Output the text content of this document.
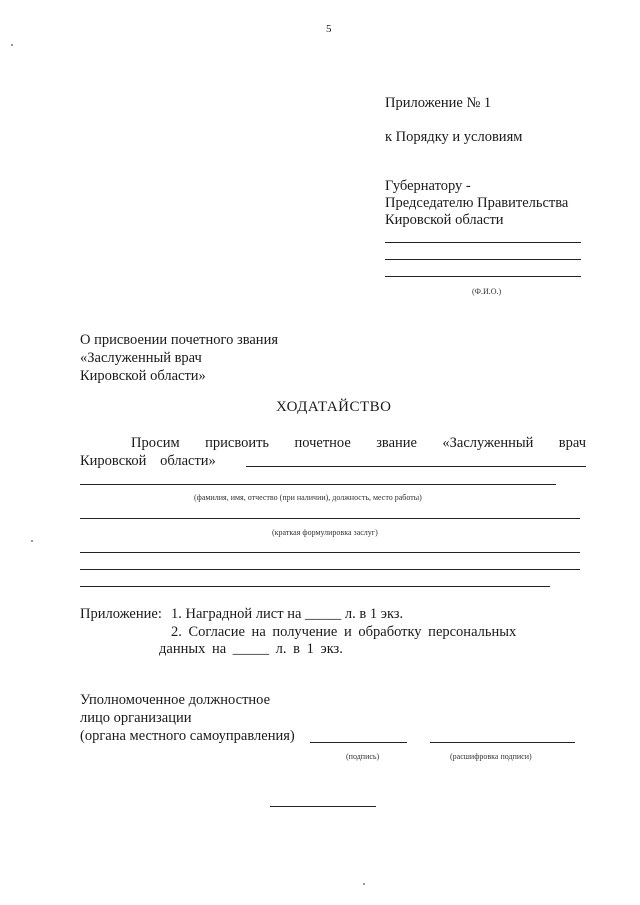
5
Приложение № 1
к Порядку и условиям
Губернатору -
Председателю Правительства
Кировской области
(Ф.И.О.)
О присвоении почетного звания
«Заслуженный врач
Кировской области»
ХОДАТАЙСТВО
Просим присвоить почетное звание «Заслуженный врач
Кировской области»
(фамилия, имя, отчество (при наличии), должность, место работы)
(краткая формулировка заслуг)
Приложение: 1. Наградной лист на _____ л. в 1 экз.
2. Согласие на получение и обработку персональных
данных на _____ л. в 1 экз.
Уполномоченное должностное
лицо организации
(органа местного самоуправления)
(подпись)	(расшифровка подписи)
